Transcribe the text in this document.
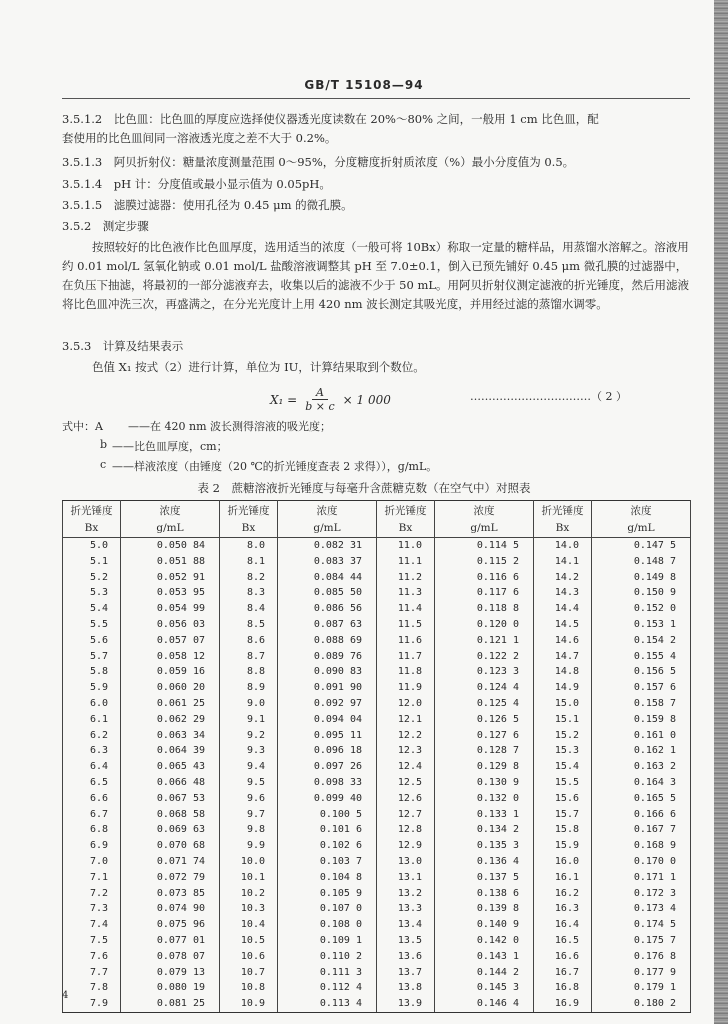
GB/T 15108—94
3.5.1.2　比色皿：比色皿的厚度应选择使仪器透光度读数在 20%～80% 之间，一般用 1 cm 比色皿，配
套使用的比色皿间同一溶液透光度之差不大于 0.2%。
3.5.1.3　阿贝折射仪：糖量浓度测量范围 0～95%，分度糖度折射质浓度（%）最小分度值为 0.5。
3.5.1.4　pH 计：分度值或最小显示值为 0.05pH。
3.5.1.5　滤膜过滤器：使用孔径为 0.45 μm 的微孔膜。
3.5.2　测定步骤
按照较好的比色液作比色皿厚度，选用适当的浓度（一般可将 10Bx）称取一定量的糖样品，用蒸馏水溶解之。溶液用约 0.01 mol/L 氢氧化钠或 0.01 mol/L 盐酸溶液调整其 pH 至 7.0±0.1，倒入已预先铺好 0.45 μm 微孔膜的过滤器中，在负压下抽滤，将最初的一部分滤液弃去，收集以后的滤液不少于 50 mL。用阿贝折射仪测定滤液的折光锤度，然后用滤液将比色皿冲洗三次，再盛满之，在分光光度计上用 420 nm 波长测定其吸光度，并用经过滤的蒸馏水调零。
3.5.3　计算及结果表示
色值 X₁ 按式（2）进行计算，单位为 IU，计算结果取到个数位。
$X_1 = \frac{A}{b \times c} \times 1$ 000	……………………………（ 2 ）
式中：A ——在 420 nm 波长测得溶液的吸光度；
b ——比色皿厚度，cm；
c ——样液浓度（由锤度（20 ℃的折光锤度查表 2 求得）），g/mL。
表 2　蔗糖溶液折光锤度与每毫升含蔗糖克数（在空气中）对照表
折光锤度	浓度	折光锤度	浓度	折光锤度	浓度	折光锤度	浓度
Bx	g/mL	Bx	g/mL	Bx	g/mL	Bx	g/mL
5.0	0.050 84	8.0	0.082 31	11.0	0.114 5	14.0	0.147 5
5.1	0.051 88	8.1	0.083 37	11.1	0.115 2	14.1	0.148 7
5.2	0.052 91	8.2	0.084 44	11.2	0.116 6	14.2	0.149 8
5.3	0.053 95	8.3	0.085 50	11.3	0.117 6	14.3	0.150 9
5.4	0.054 99	8.4	0.086 56	11.4	0.118 8	14.4	0.152 0
5.5	0.056 03	8.5	0.087 63	11.5	0.120 0	14.5	0.153 1
5.6	0.057 07	8.6	0.088 69	11.6	0.121 1	14.6	0.154 2
5.7	0.058 12	8.7	0.089 76	11.7	0.122 2	14.7	0.155 4
5.8	0.059 16	8.8	0.090 83	11.8	0.123 3	14.8	0.156 5
5.9	0.060 20	8.9	0.091 90	11.9	0.124 4	14.9	0.157 6
6.0	0.061 25	9.0	0.092 97	12.0	0.125 4	15.0	0.158 7
6.1	0.062 29	9.1	0.094 04	12.1	0.126 5	15.1	0.159 8
6.2	0.063 34	9.2	0.095 11	12.2	0.127 6	15.2	0.161 0
6.3	0.064 39	9.3	0.096 18	12.3	0.128 7	15.3	0.162 1
6.4	0.065 43	9.4	0.097 26	12.4	0.129 8	15.4	0.163 2
6.5	0.066 48	9.5	0.098 33	12.5	0.130 9	15.5	0.164 3
6.6	0.067 53	9.6	0.099 40	12.6	0.132 0	15.6	0.165 5
6.7	0.068 58	9.7	0.100 5	12.7	0.133 1	15.7	0.166 6
6.8	0.069 63	9.8	0.101 6	12.8	0.134 2	15.8	0.167 7
6.9	0.070 68	9.9	0.102 6	12.9	0.135 3	15.9	0.168 9
7.0	0.071 74	10.0	0.103 7	13.0	0.136 4	16.0	0.170 0
7.1	0.072 79	10.1	0.104 8	13.1	0.137 5	16.1	0.171 1
7.2	0.073 85	10.2	0.105 9	13.2	0.138 6	16.2	0.172 3
7.3	0.074 90	10.3	0.107 0	13.3	0.139 8	16.3	0.173 4
7.4	0.075 96	10.4	0.108 0	13.4	0.140 9	16.4	0.174 5
7.5	0.077 01	10.5	0.109 1	13.5	0.142 0	16.5	0.175 7
7.6	0.078 07	10.6	0.110 2	13.6	0.143 1	16.6	0.176 8
7.7	0.079 13	10.7	0.111 3	13.7	0.144 2	16.7	0.177 9
7.8	0.080 19	10.8	0.112 4	13.8	0.145 3	16.8	0.179 1
7.9	0.081 25	10.9	0.113 4	13.9	0.146 4	16.9	0.180 2
4
